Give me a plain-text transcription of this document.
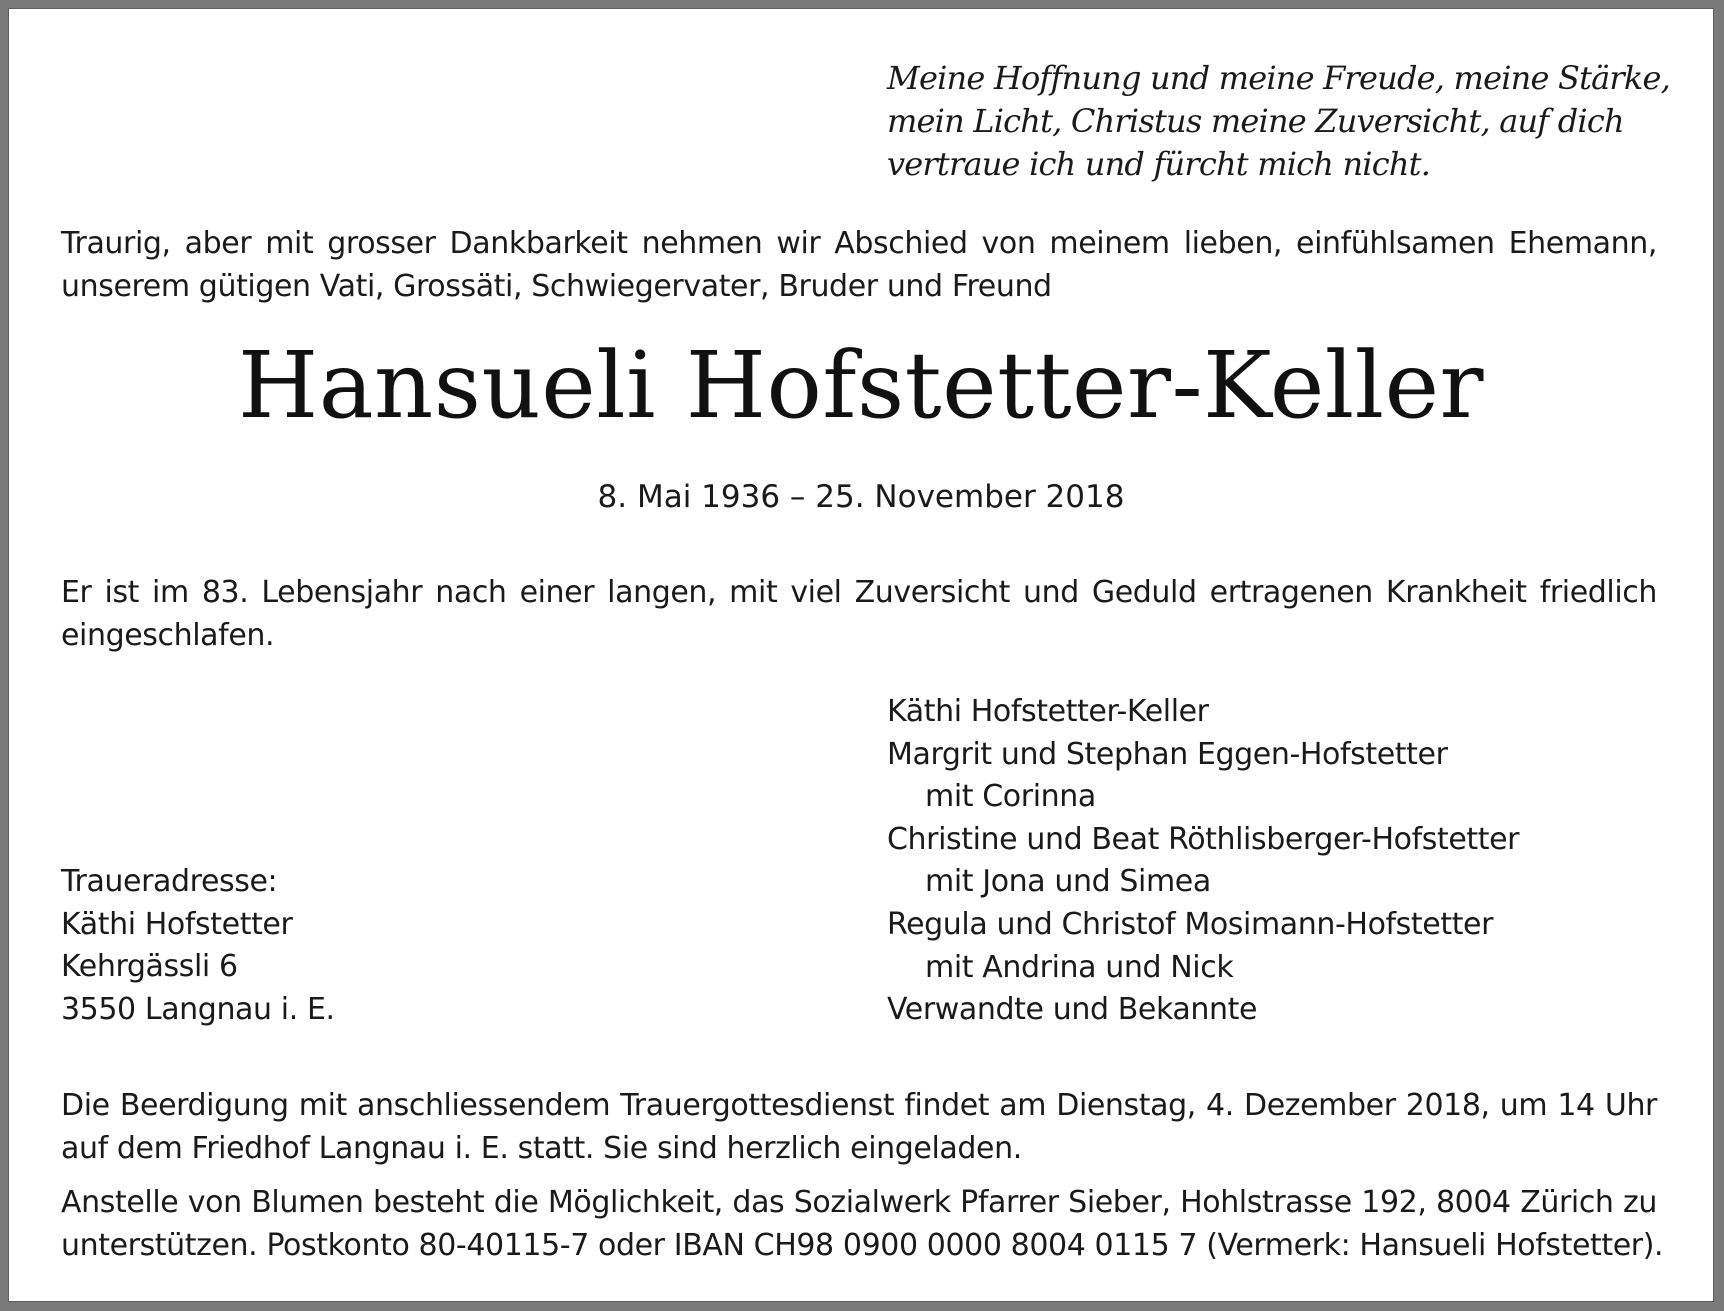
Meine Hoffnung und meine Freude, meine Stärke,
mein Licht, Christus meine Zuversicht, auf dich
vertraue ich und fürcht mich nicht.
Traurig, aber mit grosser Dankbarkeit nehmen wir Abschied von meinem lieben, einfühlsamen Ehemann,
unserem gütigen Vati, Grossäti, Schwiegervater, Bruder und Freund
Hansueli Hofstetter-Keller
8. Mai 1936 – 25. November 2018
Er ist im 83. Lebensjahr nach einer langen, mit viel Zuversicht und Geduld ertragenen Krankheit friedlich
eingeschlafen.
Käthi Hofstetter-Keller
Margrit und Stephan Eggen-Hofstetter
mit Corinna
Christine und Beat Röthlisberger-Hofstetter
mit Jona und Simea
Regula und Christof Mosimann-Hofstetter
mit Andrina und Nick
Verwandte und Bekannte
Traueradresse:
Käthi Hofstetter
Kehrgässli 6
3550 Langnau i. E.
Die Beerdigung mit anschliessendem Trauergottesdienst findet am Dienstag, 4. Dezember 2018, um 14 Uhr
auf dem Friedhof Langnau i. E. statt. Sie sind herzlich eingeladen.
Anstelle von Blumen besteht die Möglichkeit, das Sozialwerk Pfarrer Sieber, Hohlstrasse 192, 8004 Zürich zu
unterstützen. Postkonto 80-40115-7 oder IBAN CH98 0900 0000 8004 0115 7 (Vermerk: Hansueli Hofstetter).
